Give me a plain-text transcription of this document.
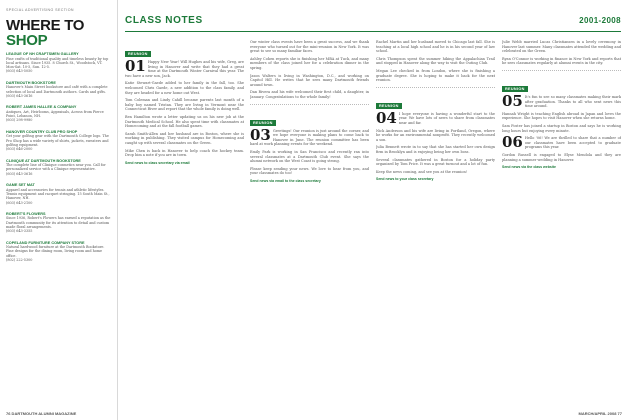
SPECIAL ADVERTISING SECTION
WHERE TO
SHOP
LEAGUE OF NH CRAFTSMEN GALLERY
Fine crafts of traditional quality and timeless beauty by top local artisans. Since 1935. 8 Church St., Woodstock, VT. Mon-Sat. 10-5, Sun. 12-5.
(603) 643-5050
DARTMOUTH BOOKSTORE
Hanover's Main Street bookstore and café with a complete selection of local and Dartmouth authors. Cards and gifts.
(603) 643-3616
ROBERT JAMES HALLEE & COMPANY
Antiques, Art, Heirlooms, Appraisals, Across from Pierce Point, Lebanon, NH.
(603) 298-9980
HANOVER COUNTRY CLUB PRO SHOP
Get your golfing gear with the Dartmouth College logo. The Pro Shop has a wide variety of shirts, jackets, sweaters and golfing equipment.
(603) 646-2000
CLINIQUE AT DARTMOUTH BOOKSTORE
The complete line of Clinique cosmetics near you. Call for personalized service with a Clinique representative.
(603) 643-3616
GAME SET MAT
Apparel and accessories for tennis and athletic lifestyles. Tennis equipment and racquet stringing. 15 South Main St., Hanover, NH.
(603) 643-2100
ROBERT'S FLOWERS
Since 1936, Robert's Flowers has earned a reputation as the Dartmouth community for its attention to detail and custom made floral arrangements.
(603) 643-3355
COPELAND FURNITURE COMPANY STORE
Natural hardwood furniture at the Dartmouth Bookstore. Fine designs for the dining room, living room and home office.
(802) 222-5300
CLASS NOTES	2001-2008
REUNION

01 Happy New Year! Will Hughes and his wife, Greg, are living in Hanover and write that they had a great time at the Dartmouth Winter Carnival this year. The two have a new son, Jack.

Katie Stewart-Gaede added to her family in the fall, too. She welcomed Chris Gaede, a new addition to the class family, and they are headed for a new home out West.

Tom Coleman and Lindy Cahill became parents last month of a baby boy named Tristan. They are living in Vermont near the Connecticut River and report that the whole family is doing well.

Ben Hamilton wrote a letter updating us on his new job at the Dartmouth Medical School. He also spent time with classmates at Homecoming and at the fall football games.

Sarah Smith-Allen and her husband are in Boston, where she is working in publishing. They visited campus for Homecoming and caught up with several classmates on the Green.

Mike Chen is back in Hanover to help coach the hockey team. Drop him a note if you are in town.

Send news to class secretary via email

Our winter class events have been a great success, and we thank everyone who turned out for the mini-reunion in New York. It was great to see so many familiar faces.

Ashley Cohen reports she is finishing her MBA at Tuck, and many members of the class joined her for a celebration dinner in the spring.

Jason Walters is living in Washington, D.C., and working on Capitol Hill. He writes that he sees many Dartmouth friends around town.

Dan Rivera and his wife welcomed their first child, a daughter, in January. Congratulations to the whole family!

REUNION

03 Greetings! Our reunion is just around the corner, and we hope everyone is making plans to come back to Hanover in June. The reunion committee has been hard at work planning events for the weekend.

Emily Park is working in San Francisco and recently ran into several classmates at a Dartmouth Club event. She says the alumni network on the West Coast is going strong.

Please keep sending your news. We love to hear from you, and your classmates do too!

Send news via email to the class secretary

Rachel Martin and her husband moved to Chicago last fall. She is teaching at a local high school and he is in his second year of law school.

Chris Thompson spent the summer hiking the Appalachian Trail and stopped in Hanover along the way to visit the Outing Club.

Megan Lee checked in from London, where she is finishing a graduate degree. She is hoping to make it back for the next reunion.

REUNION

04 I hope everyone is having a wonderful start to the year. We have lots of news to share from classmates near and far.

Nick Anderson and his wife are living in Portland, Oregon, where he works for an environmental nonprofit. They recently welcomed a son.

Julia Bennett wrote in to say that she has started her own design firm in Brooklyn and is enjoying being her own boss.

Several classmates gathered in Boston for a holiday party organized by Tom Price. It was a great turnout and a lot of fun.

Keep the news coming, and see you at the reunion!

Send news to your class secretary

Julie Webb married Lucas Christiansen in a lovely ceremony in Hanover last summer. Many classmates attended the wedding and celebrated on the Green.

Ryan O'Connor is working in finance in New York and reports that he sees classmates regularly at alumni events in the city.

REUNION

05 It's fun to see so many classmates making their mark after graduation. Thanks to all who sent news this time around.

Hannah Wright is teaching English abroad in Japan and loves the experience. She hopes to visit Hanover when she returns home.

Sam Foster has joined a startup in Boston and says he is working long hours but enjoying every minute.

06 Hello '06! We are thrilled to share that a number of our classmates have been accepted to graduate programs this year.

Gordon Russell is engaged to Elyse Mendola and they are planning a summer wedding in Hanover.

Send news via the class website
76 DARTMOUTH ALUMNI MAGAZINE	MARCH/APRIL 2008 77
